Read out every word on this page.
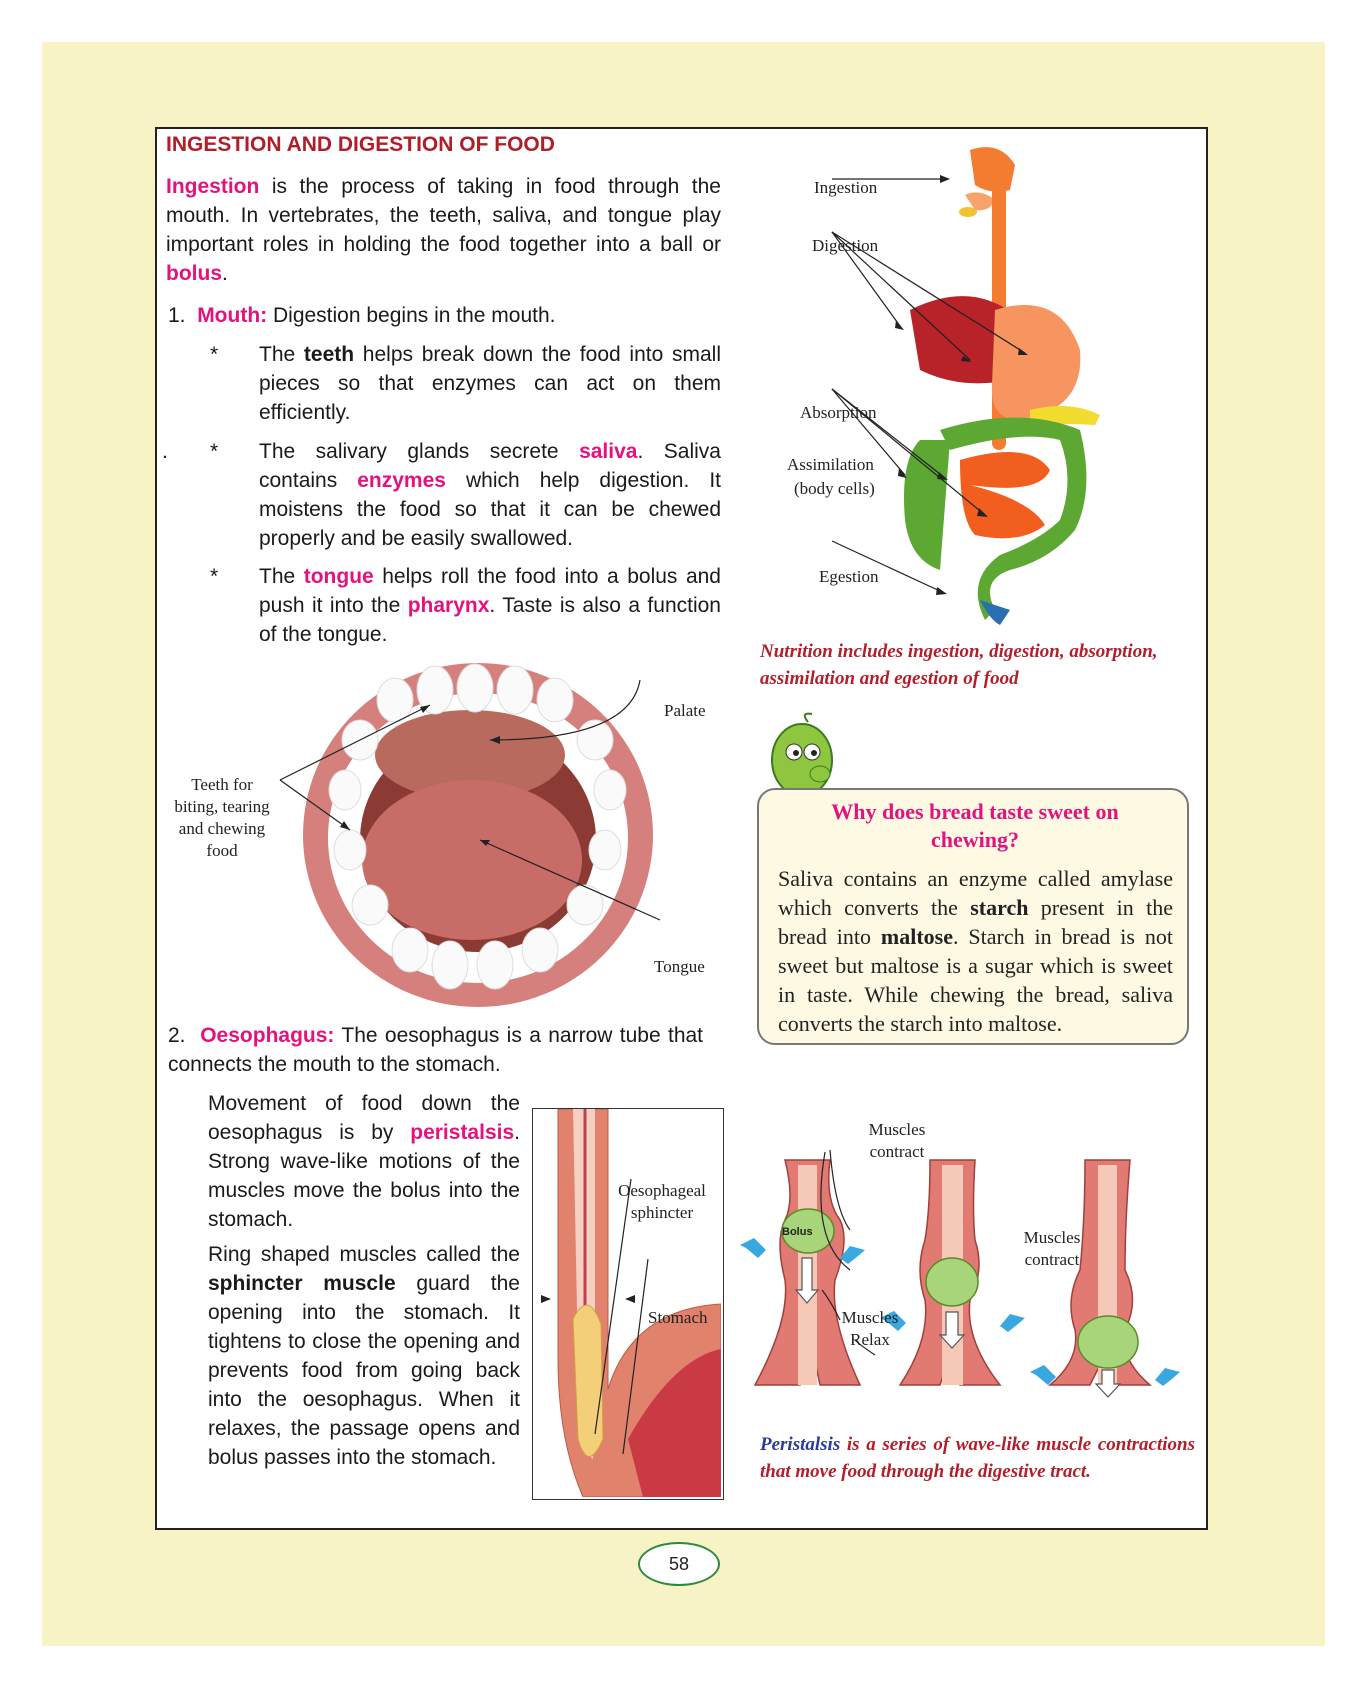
INGESTION AND DIGESTION OF FOOD
Ingestion is the process of taking in food through the mouth. In vertebrates, the teeth, saliva, and tongue play important roles in holding the food together into a ball or bolus.
1. Mouth: Digestion begins in the mouth.
* The teeth helps break down the food into small pieces so that enzymes can act on them efficiently.
. * The salivary glands secrete saliva. Saliva contains enzymes which help digestion. It moistens the food so that it can be chewed properly and be easily swallowed.
* The tongue helps roll the food into a bolus and push it into the pharynx. Taste is also a function of the tongue.
Ingestion
Digestion
Absorption
Assimilation
(body cells)
Egestion
Nutrition includes ingestion, digestion, absorption, assimilation and egestion of food
Palate
Teeth for
biting, tearing
and chewing
food
Tongue
Why does bread taste sweet on chewing?
Saliva contains an enzyme called amylase which converts the starch present in the bread into maltose. Starch in bread is not sweet but maltose is a sugar which is sweet in taste. While chewing the bread, saliva converts the starch into maltose.
2. Oesophagus: The oesophagus is a narrow tube that connects the mouth to the stomach.
Movement of food down the oesophagus is by peristalsis. Strong wave-like motions of the muscles move the bolus into the stomach.
Ring shaped muscles called the sphincter muscle guard the opening into the stomach. It tightens to close the opening and prevents food from going back into the oesophagus. When it relaxes, the passage opens and bolus passes into the stomach.
Oesophageal
sphincter
Stomach
Muscles
contract
Muscles
contract
Bolus
Muscles
Relax
Peristalsis is a series of wave-like muscle contractions that move food through the digestive tract.
58
